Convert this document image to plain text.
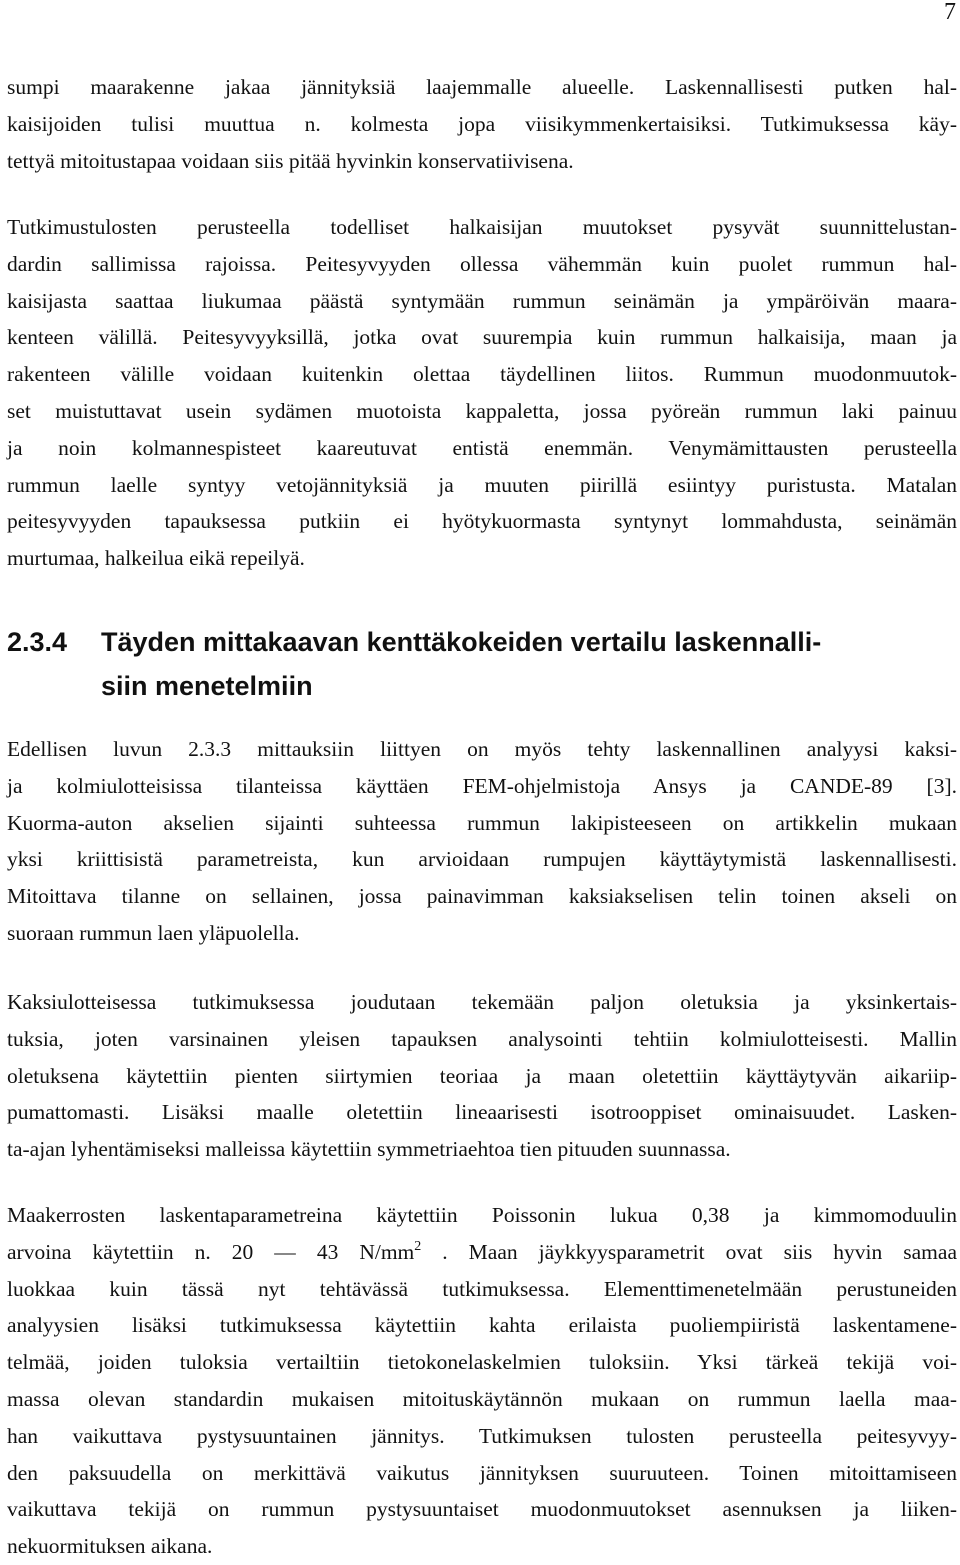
7
sumpi maarakenne jakaa jännityksiä laajemmalle alueelle. Laskennallisesti putken hal-
kaisijoiden tulisi muuttua n. kolmesta jopa viisikymmenkertaisiksi. Tutkimuksessa käy-
tettyä mitoitustapaa voidaan siis pitää hyvinkin konservatiivisena.
Tutkimustulosten perusteella todelliset halkaisijan muutokset pysyvät suunnittelustan-
dardin sallimissa rajoissa. Peitesyvyyden ollessa vähemmän kuin puolet rummun hal-
kaisijasta saattaa liukumaa päästä syntymään rummun seinämän ja ympäröivän maara-
kenteen välillä. Peitesyvyyksillä, jotka ovat suurempia kuin rummun halkaisija, maan ja
rakenteen välille voidaan kuitenkin olettaa täydellinen liitos. Rummun muodonmuutok-
set muistuttavat usein sydämen muotoista kappaletta, jossa pyöreän rummun laki painuu
ja noin kolmannespisteet kaareutuvat entistä enemmän. Venymämittausten perusteella
rummun laelle syntyy vetojännityksiä ja muuten piirillä esiintyy puristusta. Matalan
peitesyvyyden tapauksessa putkiin ei hyötykuormasta syntynyt lommahdusta, seinämän
murtumaa, halkeilua eikä repeilyä.
2.3.4 Täyden mittakaavan kenttäkokeiden vertailu laskennalli-
siin menetelmiin
Edellisen luvun 2.3.3 mittauksiin liittyen on myös tehty laskennallinen analyysi kaksi-
ja kolmiulotteisissa tilanteissa käyttäen FEM-ohjelmistoja Ansys ja CANDE-89 [3].
Kuorma-auton akselien sijainti suhteessa rummun lakipisteeseen on artikkelin mukaan
yksi kriittisistä parametreista, kun arvioidaan rumpujen käyttäytymistä laskennallisesti.
Mitoittava tilanne on sellainen, jossa painavimman kaksiakselisen telin toinen akseli on
suoraan rummun laen yläpuolella.
Kaksiulotteisessa tutkimuksessa joudutaan tekemään paljon oletuksia ja yksinkertais-
tuksia, joten varsinainen yleisen tapauksen analysointi tehtiin kolmiulotteisesti. Mallin
oletuksena käytettiin pienten siirtymien teoriaa ja maan oletettiin käyttäytyvän aikariip-
pumattomasti. Lisäksi maalle oletettiin lineaarisesti isotrooppiset ominaisuudet. Lasken-
ta-ajan lyhentämiseksi malleissa käytettiin symmetriaehtoa tien pituuden suunnassa.
Maakerrosten laskentaparametreina käytettiin Poissonin lukua 0,38 ja kimmomoduulin
arvoina käytettiin n. 20 — 43 $N/mm^2$ . Maan jäykkyysparametrit ovat siis hyvin samaa
luokkaa kuin tässä nyt tehtävässä tutkimuksessa. Elementtimenetelmään perustuneiden
analyysien lisäksi tutkimuksessa käytettiin kahta erilaista puoliempiiristä laskentamene-
telmää, joiden tuloksia vertailtiin tietokonelaskelmien tuloksiin. Yksi tärkeä tekijä voi-
massa olevan standardin mukaisen mitoituskäytännön mukaan on rummun laella maa-
han vaikuttava pystysuuntainen jännitys. Tutkimuksen tulosten perusteella peitesyvyy-
den paksuudella on merkittävä vaikutus jännityksen suuruuteen. Toinen mitoittamiseen
vaikuttava tekijä on rummun pystysuuntaiset muodonmuutokset asennuksen ja liiken-
nekuormituksen aikana.
